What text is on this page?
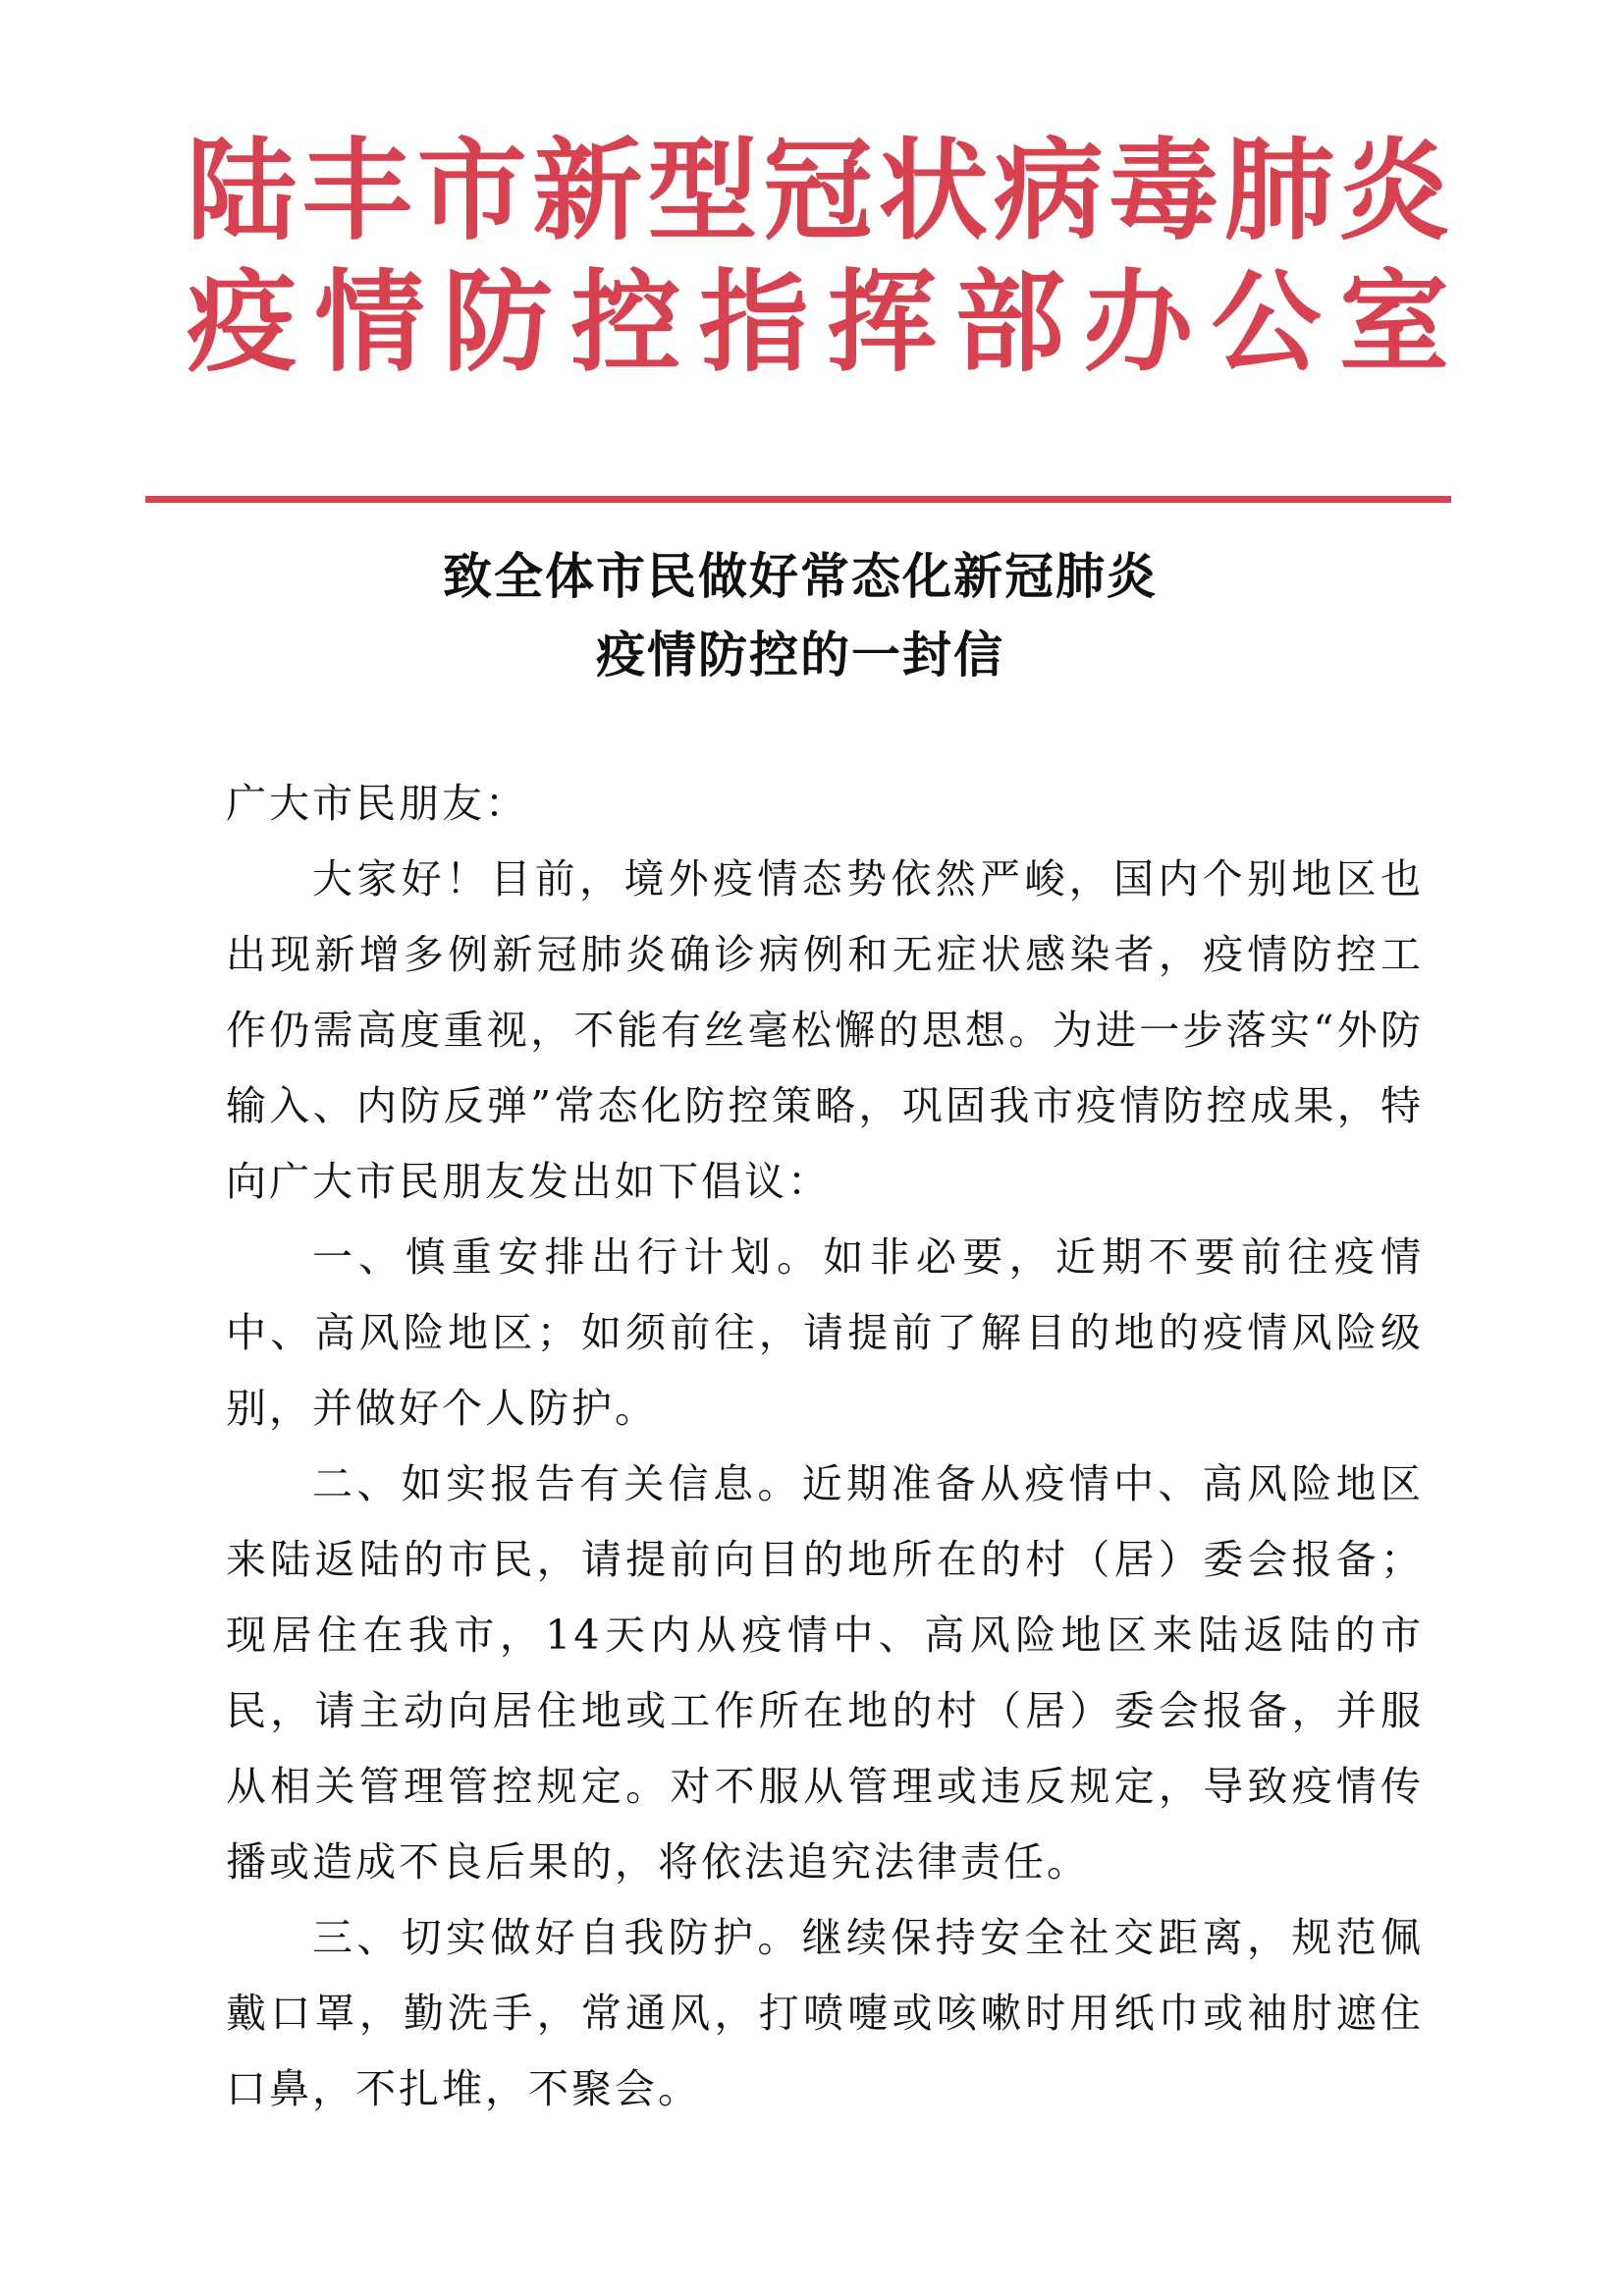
陆丰市新型冠状病毒肺炎
疫情防控指挥部办公室
致全体市民做好常态化新冠肺炎
疫情防控的一封信

广大市民朋友：

大家好！目前，境外疫情态势依然严峻，国内个别地区也出现新增多例新冠肺炎确诊病例和无症状感染者，疫情防控工作仍需高度重视，不能有丝毫松懈的思想。为进一步落实“外防输入、内防反弹”常态化防控策略，巩固我市疫情防控成果，特向广大市民朋友发出如下倡议：

一、慎重安排出行计划。如非必要，近期不要前往疫情中、高风险地区；如须前往，请提前了解目的地的疫情风险级别，并做好个人防护。

二、如实报告有关信息。近期准备从疫情中、高风险地区来陆返陆的市民，请提前向目的地所在的村（居）委会报备；现居住在我市，14天内从疫情中、高风险地区来陆返陆的市民，请主动向居住地或工作所在地的村（居）委会报备，并服从相关管理管控规定。对不服从管理或违反规定，导致疫情传播或造成不良后果的，将依法追究法律责任。

三、切实做好自我防护。继续保持安全社交距离，规范佩戴口罩，勤洗手，常通风，打喷嚏或咳嗽时用纸巾或袖肘遮住口鼻，不扎堆，不聚会。
